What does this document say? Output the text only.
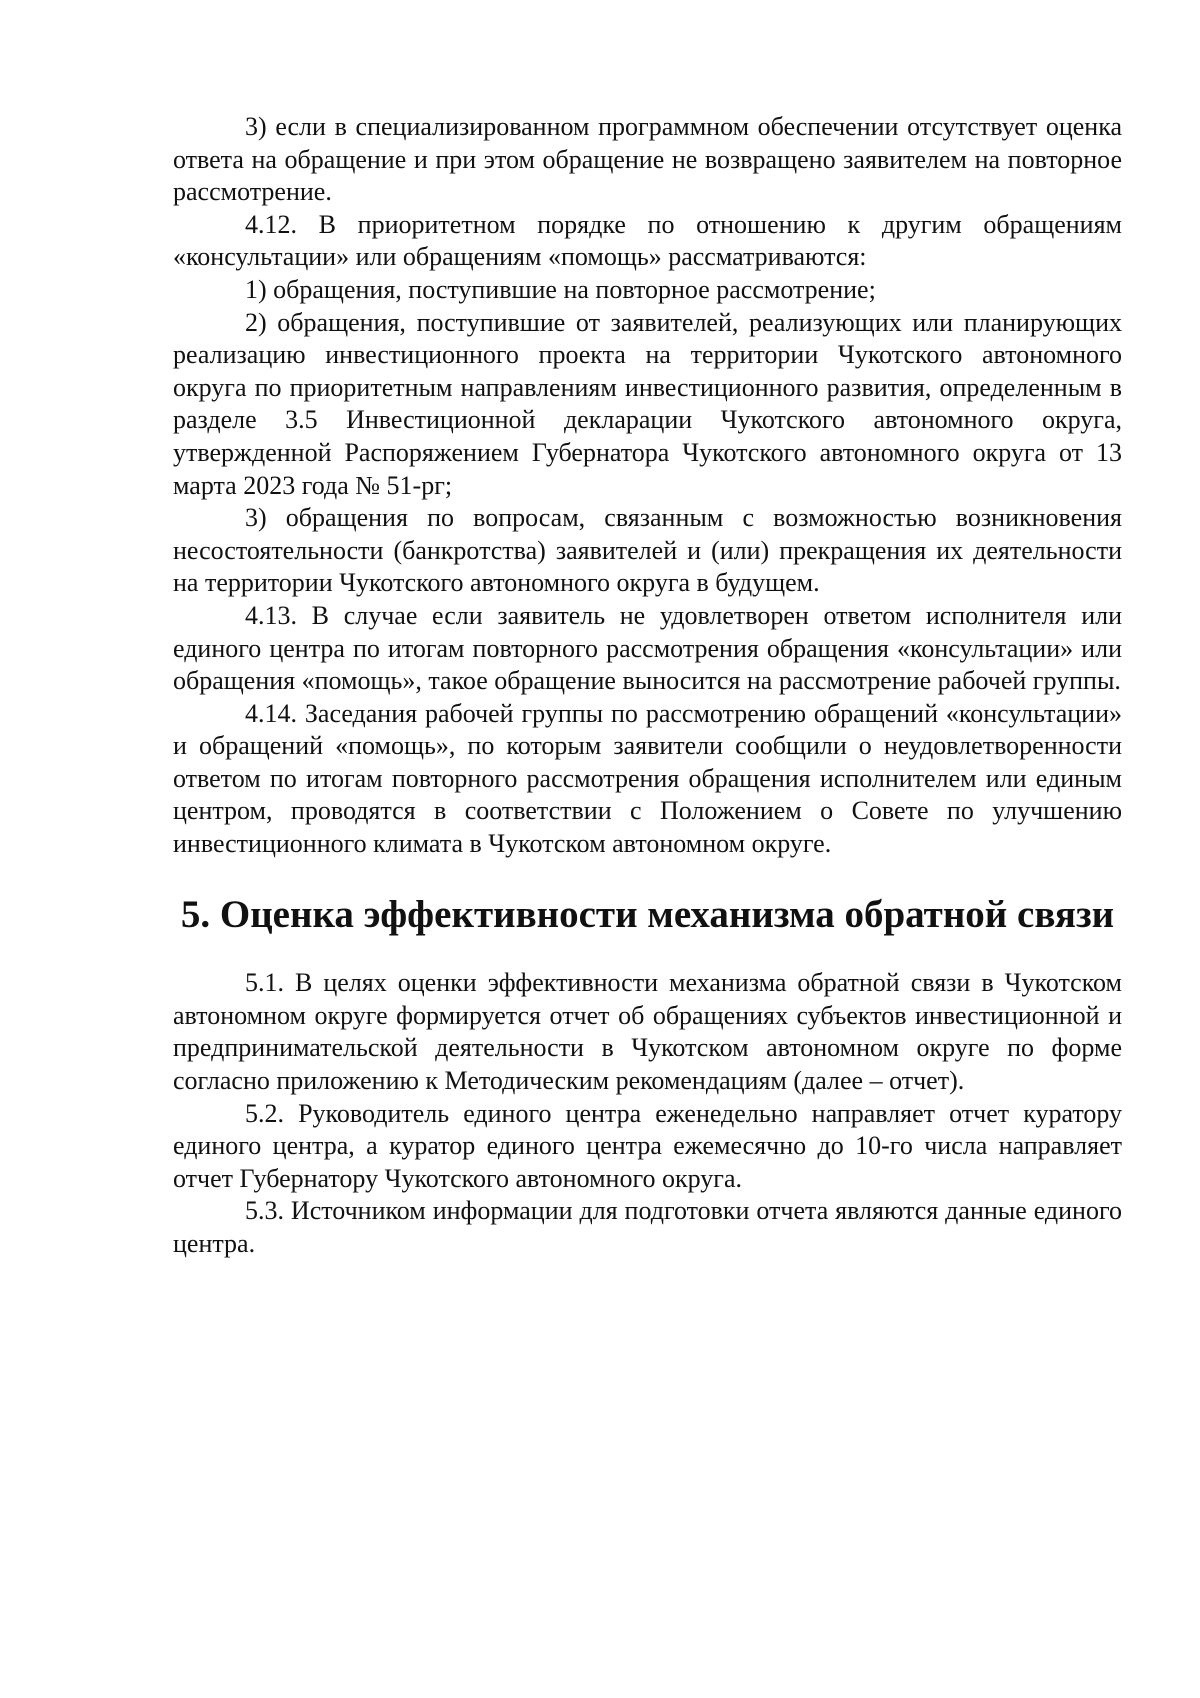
3) если в специализированном программном обеспечении отсутствует оценка ответа на обращение и при этом обращение не возвращено заявителем на повторное рассмотрение.

4.12. В приоритетном порядке по отношению к другим обращениям «консультации» или обращениям «помощь» рассматриваются:

1) обращения, поступившие на повторное рассмотрение;

2) обращения, поступившие от заявителей, реализующих или планирующих реализацию инвестиционного проекта на территории Чукотского автономного округа по приоритетным направлениям инвестиционного развития, определенным в разделе 3.5 Инвестиционной декларации Чукотского автономного округа, утвержденной Распоряжением Губернатора Чукотского автономного округа от 13 марта 2023 года № 51-рг;

3) обращения по вопросам, связанным с возможностью возникновения несостоятельности (банкротства) заявителей и (или) прекращения их деятельности на территории Чукотского автономного округа в будущем.

4.13. В случае если заявитель не удовлетворен ответом исполнителя или единого центра по итогам повторного рассмотрения обращения «консультации» или обращения «помощь», такое обращение выносится на рассмотрение рабочей группы.

4.14. Заседания рабочей группы по рассмотрению обращений «консультации» и обращений «помощь», по которым заявители сообщили о неудовлетворенности ответом по итогам повторного рассмотрения обращения исполнителем или единым центром, проводятся в соответствии с Положением о Совете по улучшению инвестиционного климата в Чукотском автономном округе.

5. Оценка эффективности механизма обратной связи

5.1. В целях оценки эффективности механизма обратной связи в Чукотском автономном округе формируется отчет об обращениях субъектов инвестиционной и предпринимательской деятельности в Чукотском автономном округе по форме согласно приложению к Методическим рекомендациям (далее – отчет).

5.2. Руководитель единого центра еженедельно направляет отчет куратору единого центра, а куратор единого центра ежемесячно до 10-го числа направляет отчет Губернатору Чукотского автономного округа.

5.3. Источником информации для подготовки отчета являются данные единого центра.
